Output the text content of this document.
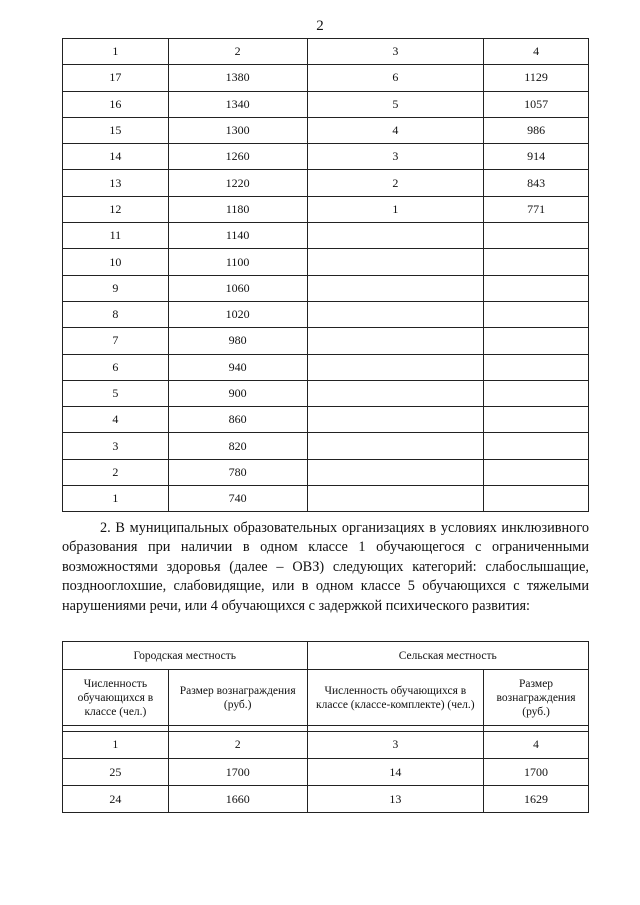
2
1	2	3	4
17	1380	6	1129
16	1340	5	1057
15	1300	4	986
14	1260	3	914
13	1220	2	843
12	1180	1	771
11	1140		
10	1100		
9	1060		
8	1020		
7	980		
6	940		
5	900		
4	860		
3	820		
2	780		
1	740		
2. В муниципальных образовательных организациях в условиях инклюзивного образования при наличии в одном классе 1 обучающегося с ограниченными возможностями здоровья (далее – ОВЗ) следующих категорий: слабослышащие, позднооглохшие, слабовидящие, или в одном классе 5 обучающихся с тяжелыми нарушениями речи, или 4 обучающихся с задержкой психического развития:
Городская местность		Сельская местность	
Численность обучающихся в классе (чел.)	Размер вознаграждения (руб.)	Численность обучающихся в классе (классе-комплекте) (чел.)	Размер вознаграждения (руб.)

1	2	3	4
25	1700	14	1700
24	1660	13	1629
